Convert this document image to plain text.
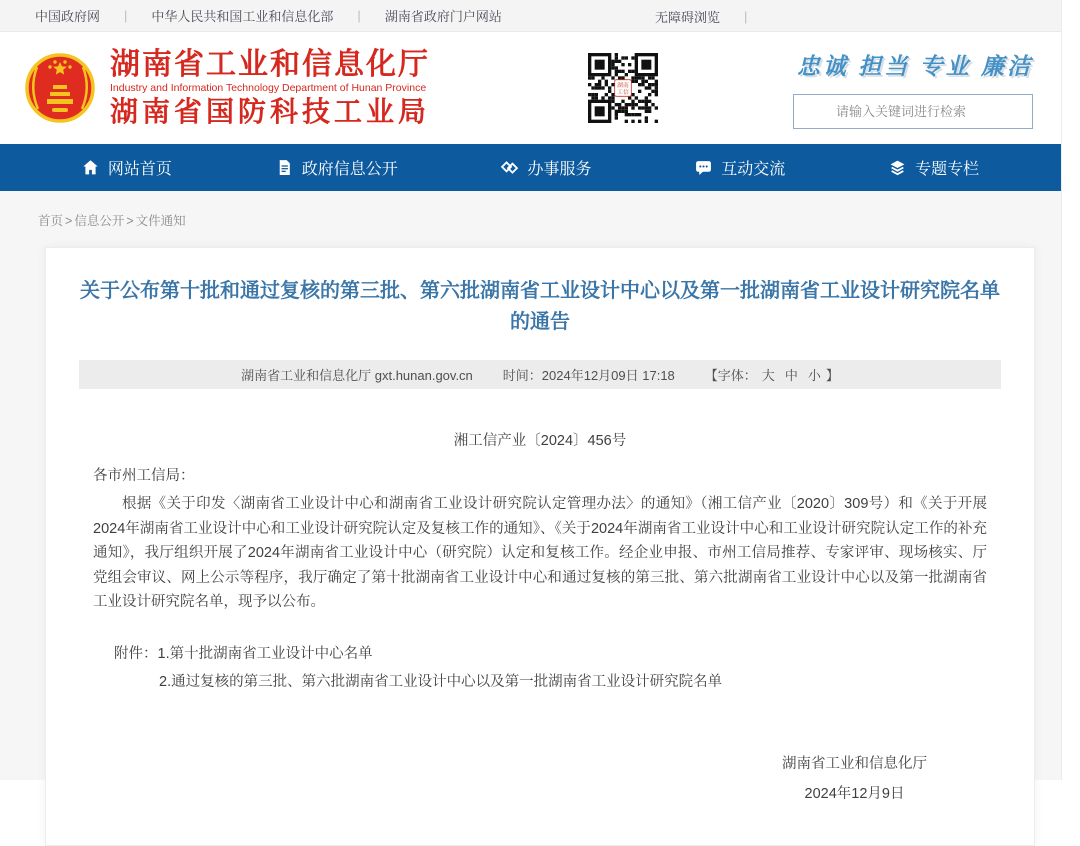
中国政府网 |	中华人民共和国工业和信息化部 |	湖南省政府门户网站	无障碍浏览
|
湖南省工业和信息化厅
Industry and Information Technology Department of Hunan Province
湖南省国防科技工业局
湖南
工信
忠诚 担当 专业 廉洁
请输入关键词进行检索
网站首页	政府信息公开	办事服务	互动交流	专题专栏
首页 > 信息公开 > 文件通知
关于公布第十批和通过复核的第三批、第六批湖南省工业设计中心以及第一批湖南省工业设计研究院名单的通告
湖南省工业和信息化厅 gxt.hunan.gov.cn 时间：2024年12月09日 17:18 【字体： 大 中 小 】
湘工信产业〔2024〕456号
各市州工信局：
根据《关于印发〈湖南省工业设计中心和湖南省工业设计研究院认定管理办法〉的通知》（湘工信产业〔2020〕309号）和《关于开展2024年湖南省工业设计中心和工业设计研究院认定及复核工作的通知》、《关于2024年湖南省工业设计中心和工业设计研究院认定工作的补充通知》，我厅组织开展了2024年湖南省工业设计中心（研究院）认定和复核工作。经企业申报、市州工信局推荐、专家评审、现场核实、厅党组会审议、网上公示等程序，我厅确定了第十批湖南省工业设计中心和通过复核的第三批、第六批湖南省工业设计中心以及第一批湖南省工业设计研究院名单，现予以公布。
附件：1.第十批湖南省工业设计中心名单
2.通过复核的第三批、第六批湖南省工业设计中心以及第一批湖南省工业设计研究院名单
湖南省工业和信息化厅
2024年12月9日
